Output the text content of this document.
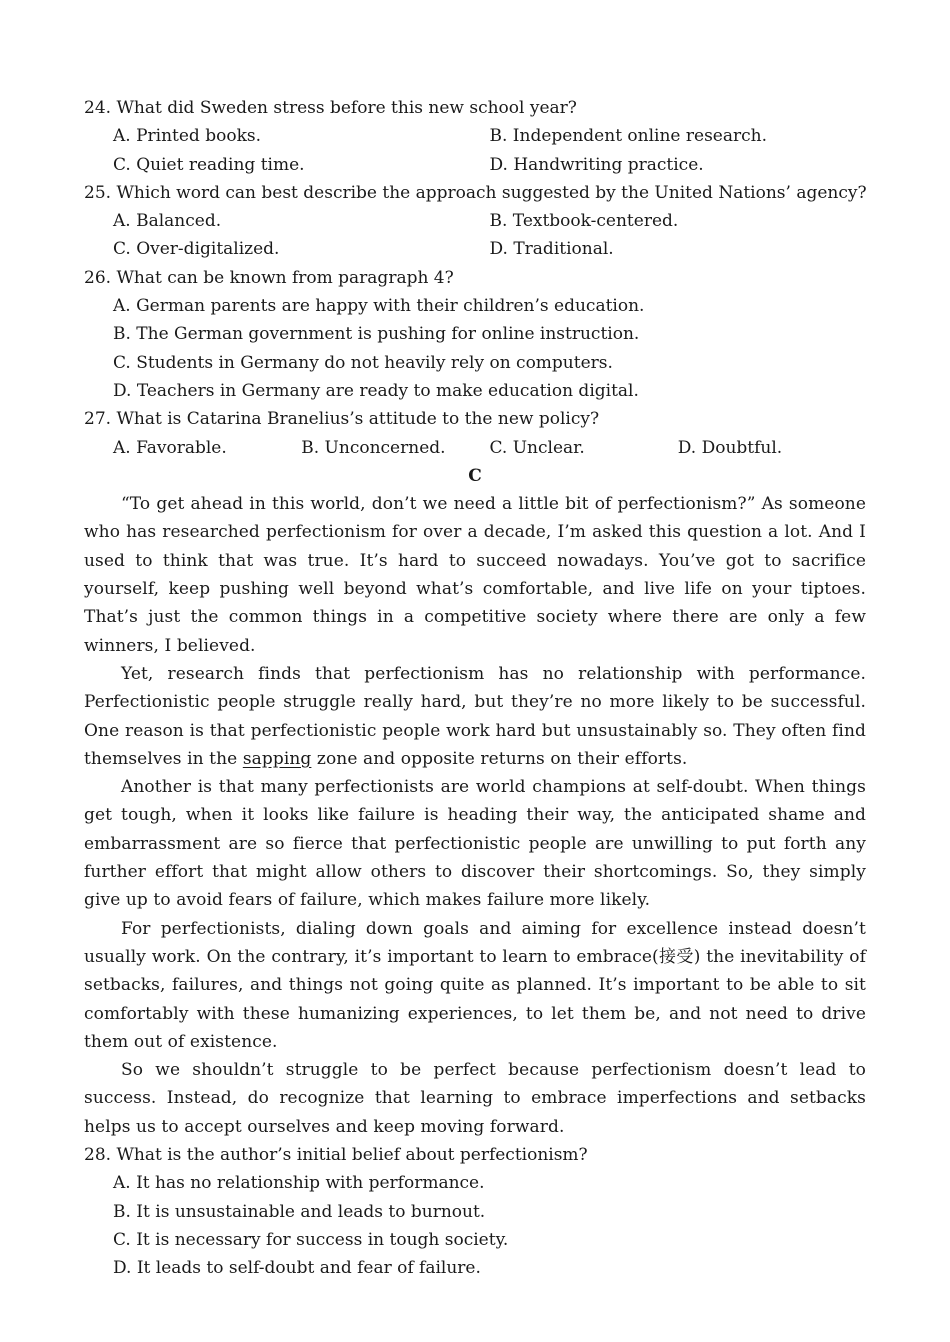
24. What did Sweden stress before this new school year?
A. Printed books.	B. Independent online research.
C. Quiet reading time.	D. Handwriting practice.
25. Which word can best describe the approach suggested by the United Nations’ agency?
A. Balanced.	B. Textbook-centered.
C. Over-digitalized.	D. Traditional.
26. What can be known from paragraph 4?
A. German parents are happy with their children’s education.
B. The German government is pushing for online instruction.
C. Students in Germany do not heavily rely on computers.
D. Teachers in Germany are ready to make education digital.
27. What is Catarina Branelius’s attitude to the new policy?
A. Favorable.	B. Unconcerned.	C. Unclear.	D. Doubtful.
C

“To get ahead in this world, don’t we need a little bit of perfectionism?” As someone who has researched perfectionism for over a decade, I’m asked this question a lot. And I used to think that was true. It’s hard to succeed nowadays. You’ve got to sacrifice yourself, keep pushing well beyond what’s comfortable, and live life on your tiptoes. That’s just the common things in a competitive society where there are only a few winners, I believed.

Yet, research finds that perfectionism has no relationship with performance. Perfectionistic people struggle really hard, but they’re no more likely to be successful. One reason is that perfectionistic people work hard but unsustainably so. They often find themselves in the sapping zone and opposite returns on their efforts.

Another is that many perfectionists are world champions at self-doubt. When things get tough, when it looks like failure is heading their way, the anticipated shame and embarrassment are so fierce that perfectionistic people are unwilling to put forth any further effort that might allow others to discover their shortcomings. So, they simply give up to avoid fears of failure, which makes failure more likely.

For perfectionists, dialing down goals and aiming for excellence instead doesn’t usually work. On the contrary, it’s important to learn to embrace(接受) the inevitability of setbacks, failures, and things not going quite as planned. It’s important to be able to sit comfortably with these humanizing experiences, to let them be, and not need to drive them out of existence.

So we shouldn’t struggle to be perfect because perfectionism doesn’t lead to success. Instead, do recognize that learning to embrace imperfections and setbacks helps us to accept ourselves and keep moving forward.

28. What is the author’s initial belief about perfectionism?
A. It has no relationship with performance.
B. It is unsustainable and leads to burnout.
C. It is necessary for success in tough society.
D. It leads to self-doubt and fear of failure.
